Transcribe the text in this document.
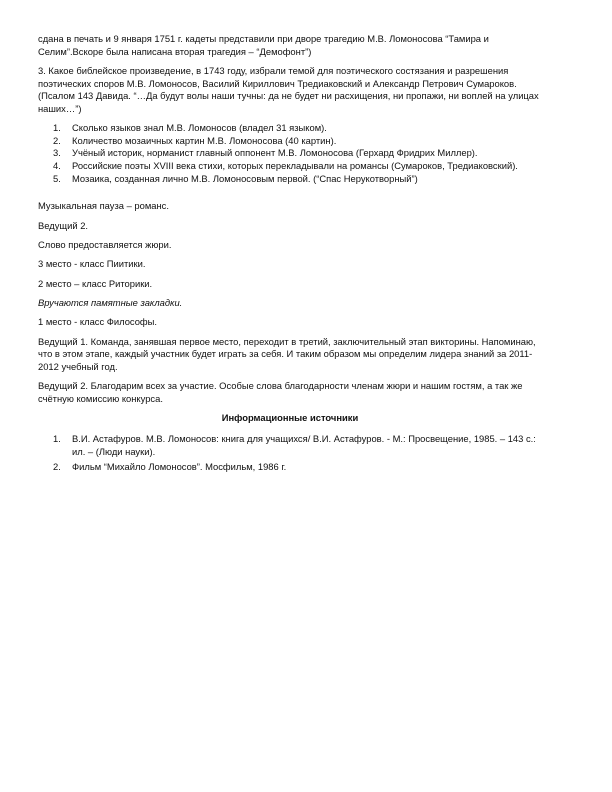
сдана в печать и 9 января 1751 г. кадеты представили при дворе трагедию М.В. Ломоносова “Тамира и Селим”.Вскоре была написана вторая трагедия – “Демофонт”)

3. Какое библейское произведение, в 1743 году, избрали темой для поэтического состязания и разрешения поэтических споров М.В. Ломоносов, Василий Кириллович Тредиаковский и Александр Петрович Сумароков. (Псалом 143 Давида. “…Да будут волы наши тучны: да не будет ни расхищения, ни пропажи, ни воплей на улицах наших…”)

1. Сколько языков знал М.В. Ломоносов (владел 31 языком).
2. Количество мозаичных картин М.В. Ломоносова (40 картин).
3. Учёный историк, норманист главный оппонент М.В. Ломоносова (Герхард Фридрих Миллер).
4. Российские поэты XVIII века стихи, которых перекладывали на романсы (Сумароков, Тредиаковский).
5. Мозаика, созданная лично М.В. Ломоносовым первой. (“Спас Нерукотворный”)

Музыкальная пауза – романс.

Ведущий 2.

Слово предоставляется жюри.

3 место - класс Пиитики.

2 место – класс Риторики.

Вручаются памятные закладки.

1 место - класс Философы.

Ведущий 1. Команда, занявшая первое место, переходит в третий, заключительный этап викторины. Напоминаю, что в этом этапе, каждый участник будет играть за себя. И таким образом мы определим лидера знаний за 2011-2012 учебный год.

Ведущий 2. Благодарим всех за участие. Особые слова благодарности членам жюри и нашим гостям, а так же счётную комиссию конкурса.

Информационные источники
1. В.И. Астафуров. М.В. Ломоносов: книга для учащихся/ В.И. Астафуров. - М.: Просвещение, 1985. – 143 с.: ил. – (Люди науки).
2. Фильм “Михайло Ломоносов”. Мосфильм, 1986 г.
